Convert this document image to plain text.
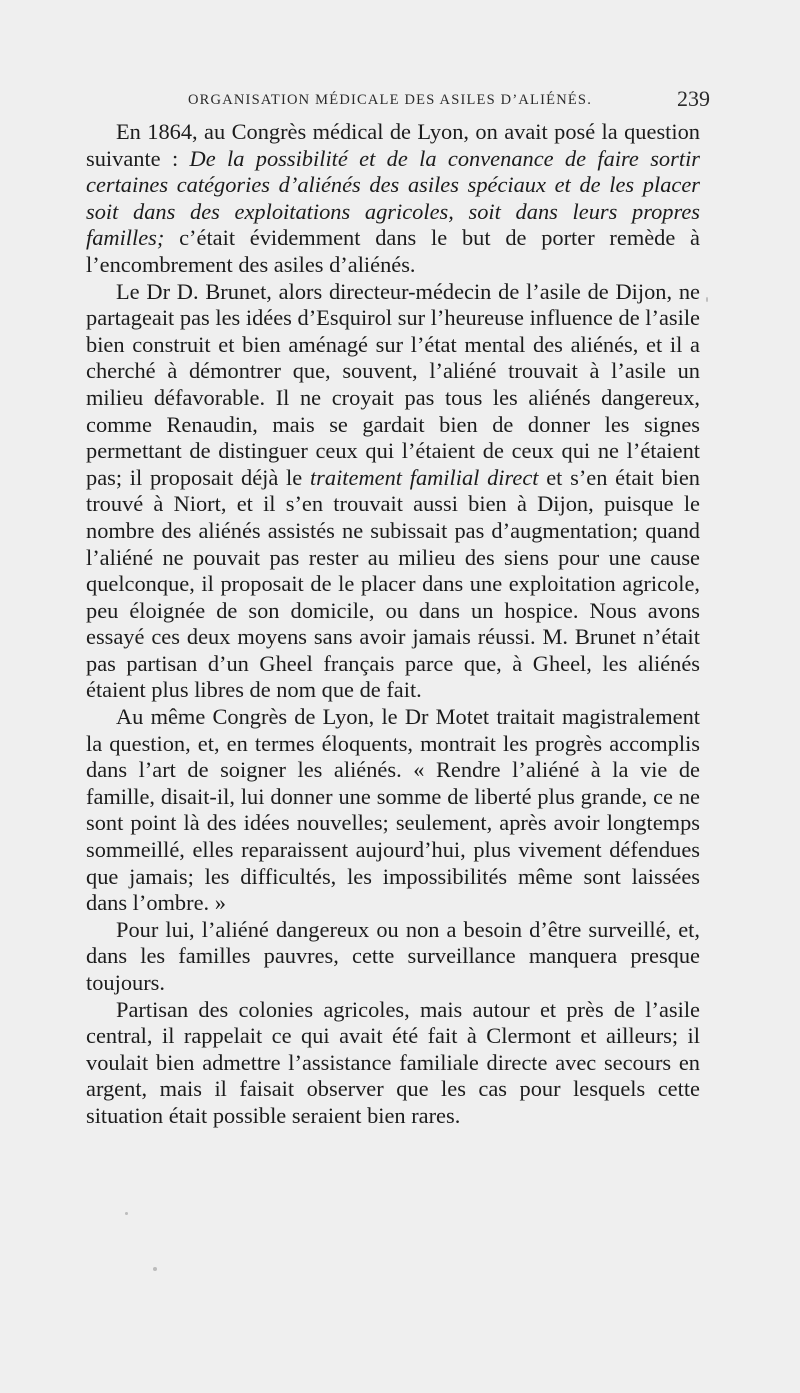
ORGANISATION MÉDICALE DES ASILES D’ALIÉNÉS.	239

En 1864, au Congrès médical de Lyon, on avait posé la question suivante : De la possibilité et de la convenance de faire sortir certaines catégories d’aliénés des asiles spéciaux et de les placer soit dans des exploitations agricoles, soit dans leurs propres familles; c’était évidemment dans le but de porter remède à l’encombrement des asiles d’aliénés.

Le Dr D. Brunet, alors directeur-médecin de l’asile de Dijon, ne partageait pas les idées d’Esquirol sur l’heureuse influence de l’asile bien construit et bien aménagé sur l’état mental des aliénés, et il a cherché à démontrer que, souvent, l’aliéné trouvait à l’asile un milieu défavorable. Il ne croyait pas tous les aliénés dangereux, comme Renaudin, mais se gardait bien de donner les signes permettant de distinguer ceux qui l’étaient de ceux qui ne l’étaient pas; il proposait déjà le traitement familial direct et s’en était bien trouvé à Niort, et il s’en trouvait aussi bien à Dijon, puisque le nombre des aliénés assistés ne subissait pas d’augmentation; quand l’aliéné ne pouvait pas rester au milieu des siens pour une cause quelconque, il proposait de le placer dans une exploitation agricole, peu éloignée de son domicile, ou dans un hospice. Nous avons essayé ces deux moyens sans avoir jamais réussi. M. Brunet n’était pas partisan d’un Gheel français parce que, à Gheel, les aliénés étaient plus libres de nom que de fait.

Au même Congrès de Lyon, le Dr Motet traitait magistralement la question, et, en termes éloquents, montrait les progrès accomplis dans l’art de soigner les aliénés. « Rendre l’aliéné à la vie de famille, disait-il, lui donner une somme de liberté plus grande, ce ne sont point là des idées nouvelles; seulement, après avoir longtemps sommeillé, elles reparaissent aujourd’hui, plus vivement défendues que jamais; les difficultés, les impossibilités même sont laissées dans l’ombre. »

Pour lui, l’aliéné dangereux ou non a besoin d’être surveillé, et, dans les familles pauvres, cette surveillance manquera presque toujours.

Partisan des colonies agricoles, mais autour et près de l’asile central, il rappelait ce qui avait été fait à Clermont et ailleurs; il voulait bien admettre l’assistance familiale directe avec secours en argent, mais il faisait observer que les cas pour lesquels cette situation était possible seraient bien rares.
